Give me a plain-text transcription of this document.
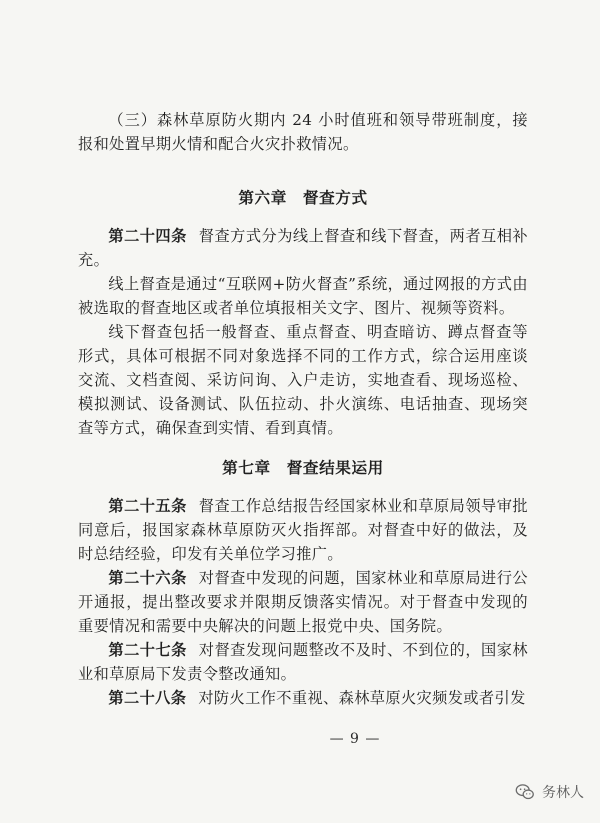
（三）森林草原防火期内 24 小时值班和领导带班制度，接报和处置早期火情和配合火灾扑救情况。

第六章 督查方式

第二十四条 督查方式分为线上督查和线下督查，两者互相补充。

线上督查是通过“互联网+防火督查”系统，通过网报的方式由被选取的督查地区或者单位填报相关文字、图片、视频等资料。

线下督查包括一般督查、重点督查、明查暗访、蹲点督查等形式，具体可根据不同对象选择不同的工作方式，综合运用座谈交流、文档查阅、采访问询、入户走访，实地查看、现场巡检、模拟测试、设备测试、队伍拉动、扑火演练、电话抽查、现场突查等方式，确保查到实情、看到真情。

第七章 督查结果运用

第二十五条 督查工作总结报告经国家林业和草原局领导审批同意后，报国家森林草原防灭火指挥部。对督查中好的做法，及时总结经验，印发有关单位学习推广。

第二十六条 对督查中发现的问题，国家林业和草原局进行公开通报，提出整改要求并限期反馈落实情况。对于督查中发现的重要情况和需要中央解决的问题上报党中央、国务院。

第二十七条 对督查发现问题整改不及时、不到位的，国家林业和草原局下发责令整改通知。

第二十八条 对防火工作不重视、森林草原火灾频发或者引发

— 9 —
务林人
